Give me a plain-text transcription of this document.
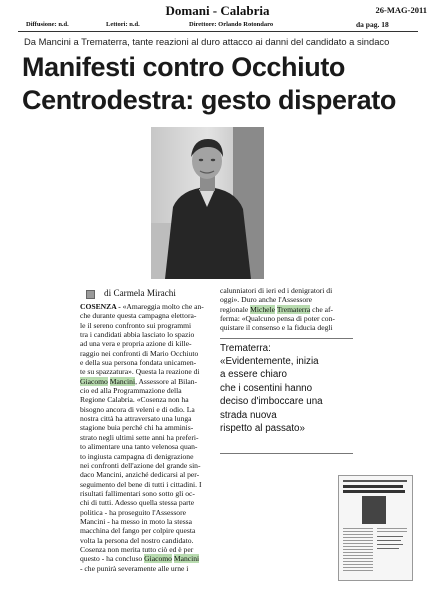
Domani - Calabria	26-MAG-2011
Diffusione: n.d.	Lettori: n.d.	Direttore: Orlando Rotondaro	da pag. 18
Da Mancini a Trematerra, tante reazioni al duro attacco ai danni del candidato a sindaco
Manifesti contro Occhiuto
Centrodestra: gesto disperato
di Carmela Mirachi
COSENZA - «Amareggia molto che an-
che durante questa campagna elettora-
le il sereno confronto sui programmi
tra i candidati abbia lasciato lo spazio
ad una vera e propria azione di kille-
raggio nei confronti di Mario Occhiuto
e della sua persona fondata unicamen-
te su spazzatura». Questa la reazione di
Giacomo Mancini, Assessore al Bilan-
cio ed alla Programmazione della
Regione Calabria. «Cosenza non ha
bisogno ancora di veleni e di odio. La
nostra città ha attraversato una lunga
stagione buia perché chi ha amminis-
strato negli ultimi sette anni ha preferi-
to alimentare una tanto velenosa quan-
to ingiusta campagna di denigrazione
nei confronti dell'azione del grande sin-
daco Mancini, anziché dedicarsi al per-
seguimento del bene di tutti i cittadini. I
risultati fallimentari sono sotto gli oc-
chi di tutti. Adesso quella stessa parte
politica - ha proseguito l'Assessore
Mancini - ha messo in moto la stessa
macchina del fango per colpire questa
volta la persona del nostro candidato.
Cosenza non merita tutto ciò ed è per
questo - ha concluso Giacomo Mancini
- che punirà severamente alle urne i
calunniatori di ieri ed i denigratori di
oggi». Duro anche l'Assessore
regionale Michele Trematerra che af-
ferma: «Qualcuno pensa di poter con-
quistare il consenso e la fiducia degli
Trematerra:
«Evidentemente, inizia
a essere chiaro
che i cosentini hanno
deciso d'imboccare una
strada nuova
rispetto al passato»
